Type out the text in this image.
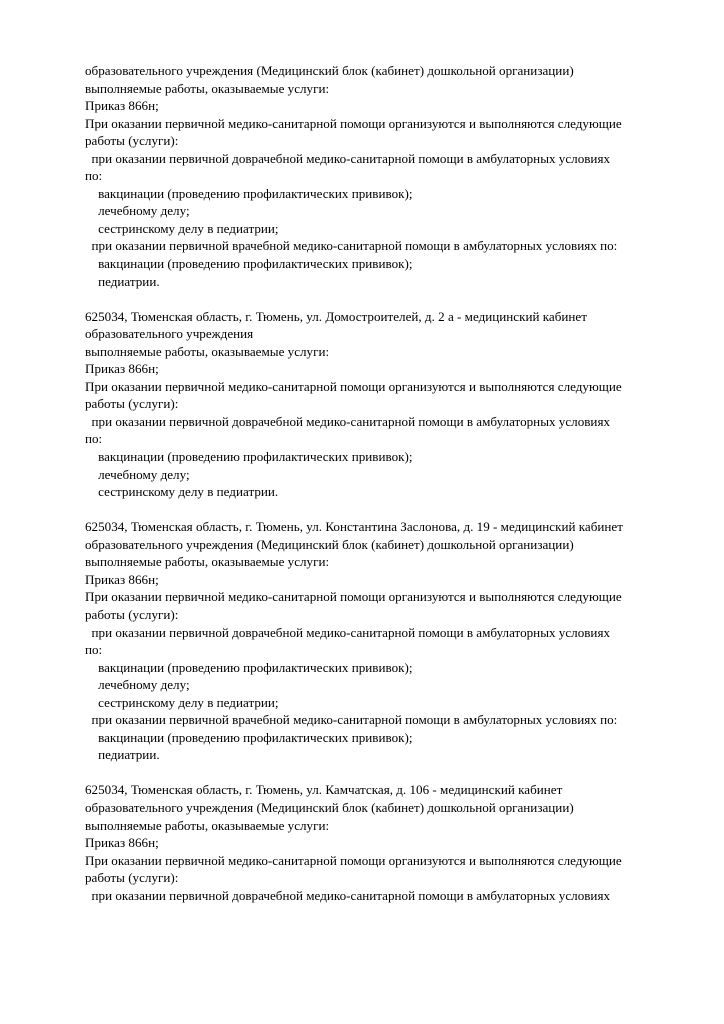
образовательного учреждения (Медицинский блок (кабинет) дошкольной организации)
выполняемые работы, оказываемые услуги:
Приказ 866н;
При оказании первичной медико-санитарной помощи организуются и выполняются следующие
работы (услуги):
при оказании первичной доврачебной медико-санитарной помощи в амбулаторных условиях
по:
вакцинации (проведению профилактических прививок);
лечебному делу;
сестринскому делу в педиатрии;
при оказании первичной врачебной медико-санитарной помощи в амбулаторных условиях по:
вакцинации (проведению профилактических прививок);
педиатрии.
625034, Тюменская область, г. Тюмень, ул. Домостроителей, д. 2 а - медицинский кабинет
образовательного учреждения
выполняемые работы, оказываемые услуги:
Приказ 866н;
При оказании первичной медико-санитарной помощи организуются и выполняются следующие
работы (услуги):
при оказании первичной доврачебной медико-санитарной помощи в амбулаторных условиях
по:
вакцинации (проведению профилактических прививок);
лечебному делу;
сестринскому делу в педиатрии.
625034, Тюменская область, г. Тюмень, ул. Константина Заслонова, д. 19 - медицинский кабинет
образовательного учреждения (Медицинский блок (кабинет) дошкольной организации)
выполняемые работы, оказываемые услуги:
Приказ 866н;
При оказании первичной медико-санитарной помощи организуются и выполняются следующие
работы (услуги):
при оказании первичной доврачебной медико-санитарной помощи в амбулаторных условиях
по:
вакцинации (проведению профилактических прививок);
лечебному делу;
сестринскому делу в педиатрии;
при оказании первичной врачебной медико-санитарной помощи в амбулаторных условиях по:
вакцинации (проведению профилактических прививок);
педиатрии.
625034, Тюменская область, г. Тюмень, ул. Камчатская, д. 106 - медицинский кабинет
образовательного учреждения (Медицинский блок (кабинет) дошкольной организации)
выполняемые работы, оказываемые услуги:
Приказ 866н;
При оказании первичной медико-санитарной помощи организуются и выполняются следующие
работы (услуги):
при оказании первичной доврачебной медико-санитарной помощи в амбулаторных условиях
